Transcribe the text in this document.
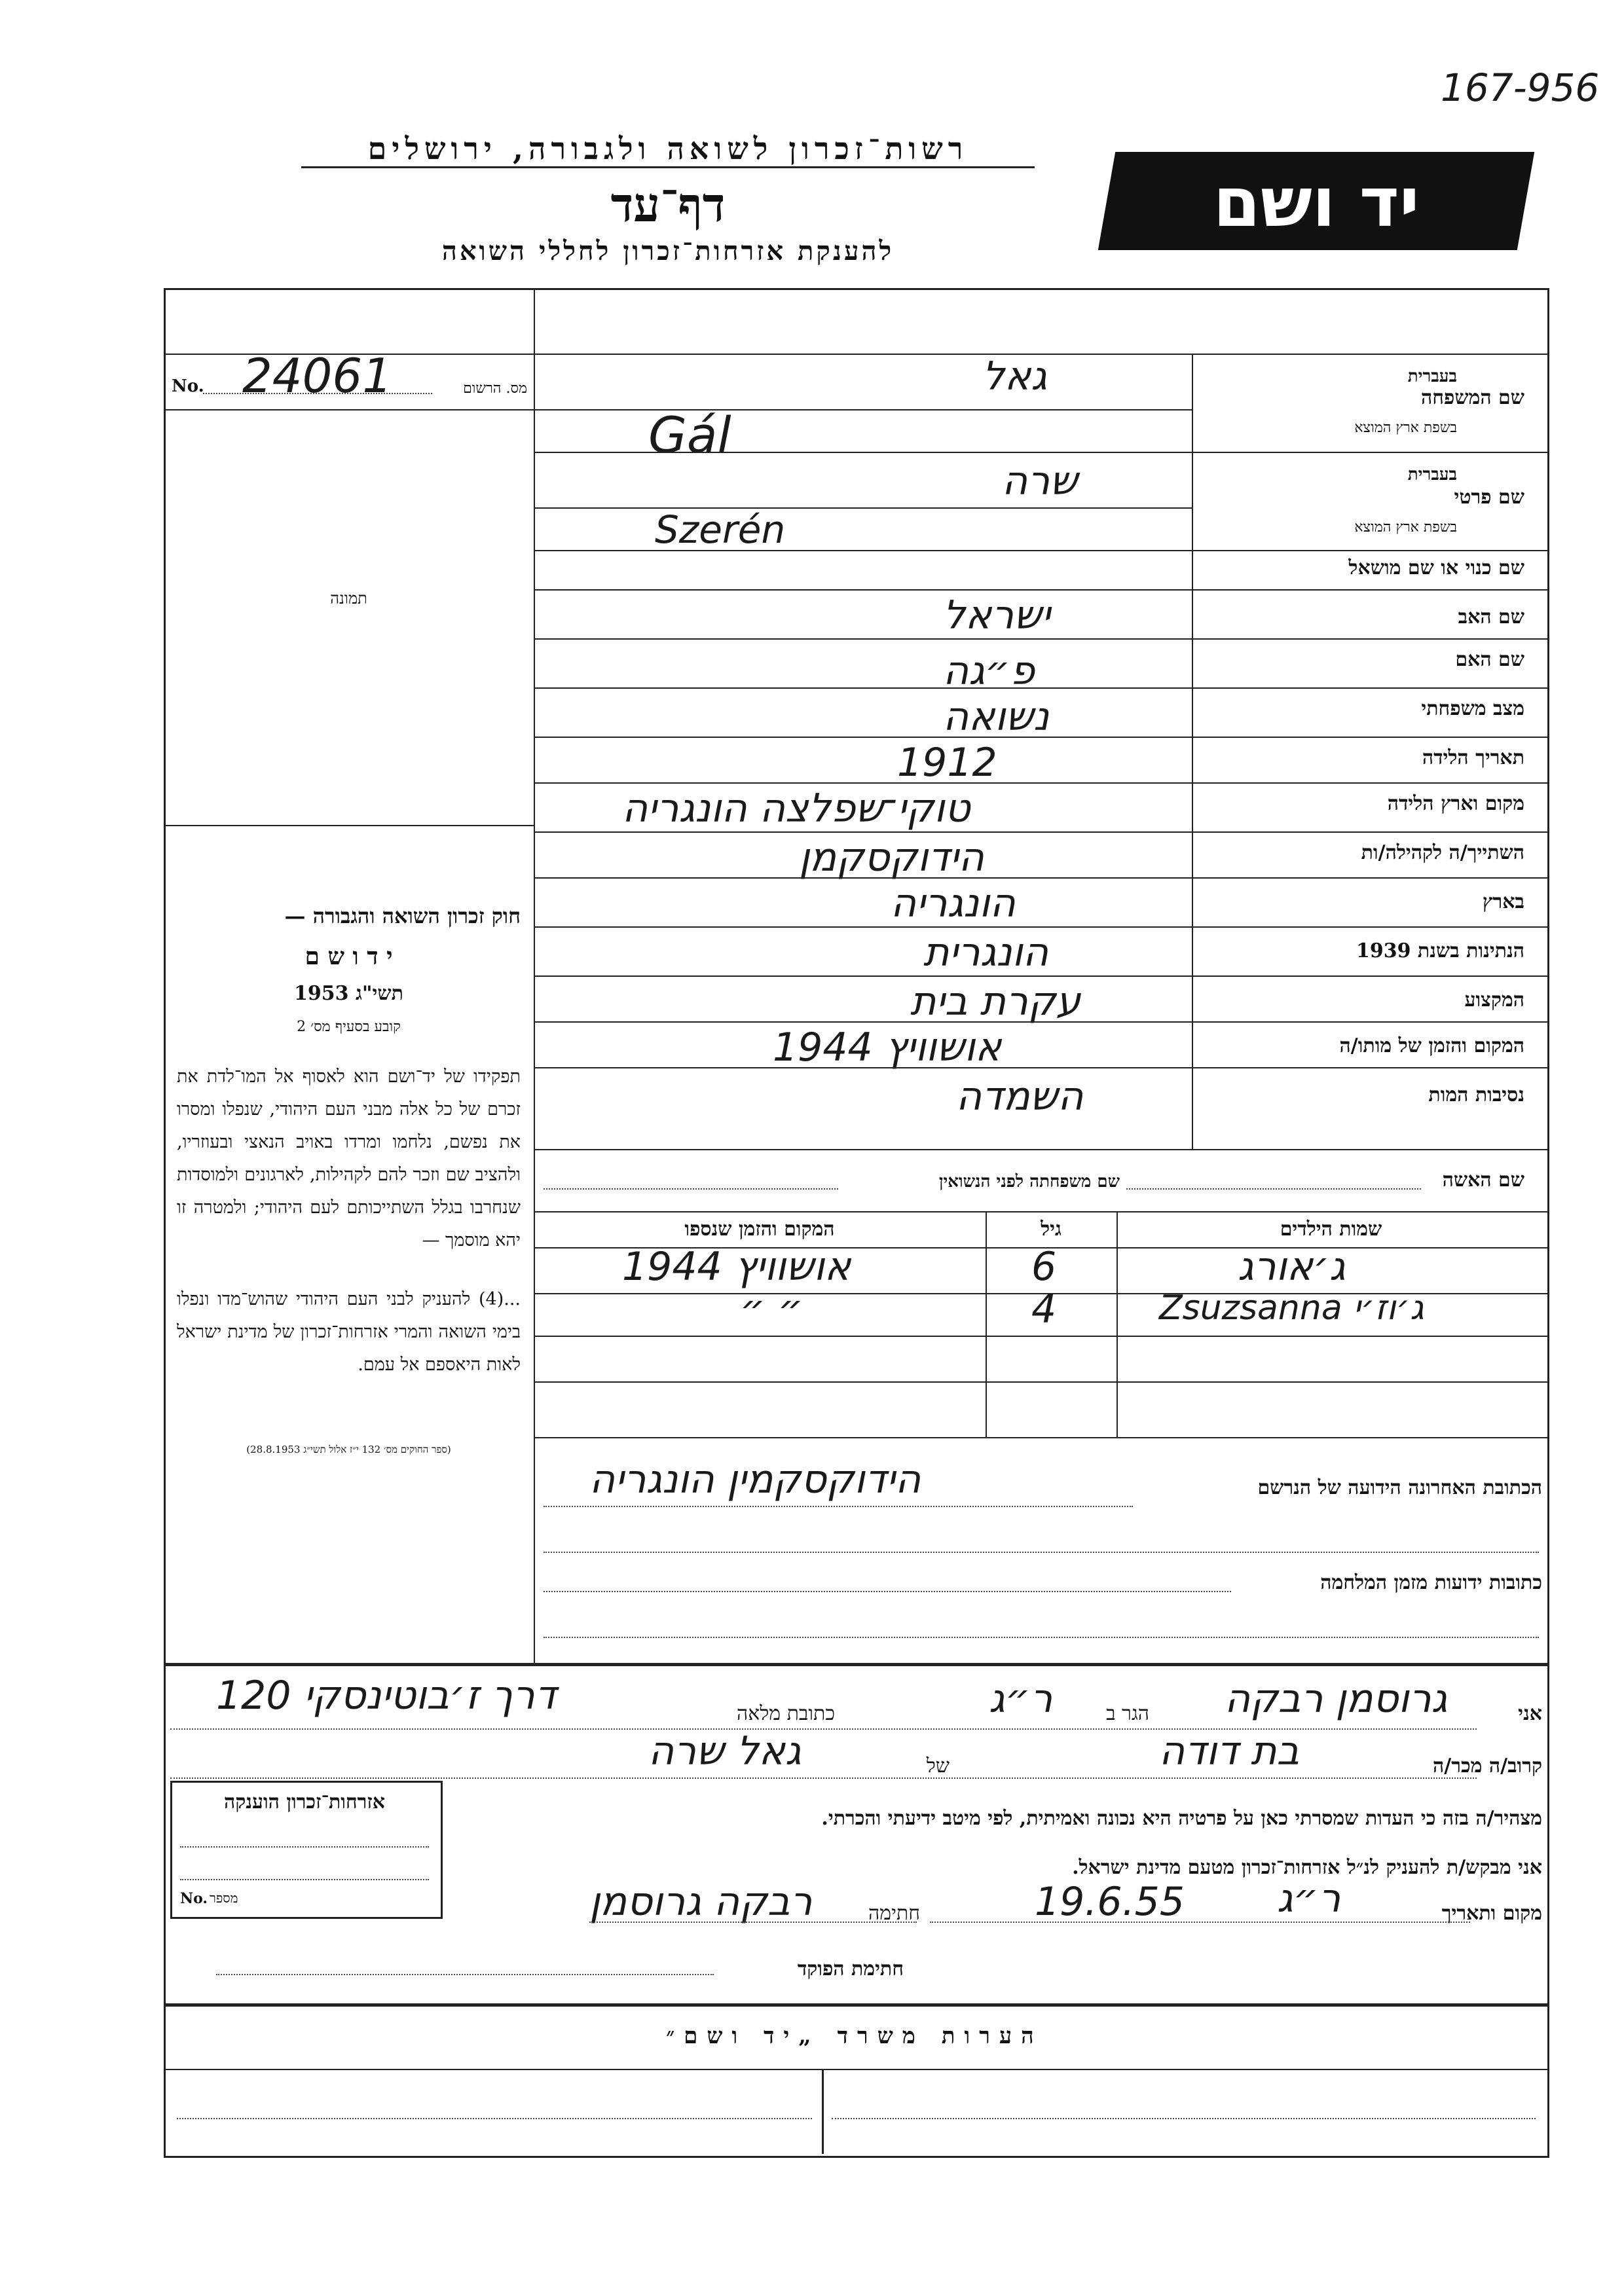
167-956
רשות־זכרון לשואה ולגבורה, ירושלים
דף־עד
להענקת אזרחות־זכרון לחללי השואה
יד ושם
No. 24061	מס. הרשום
תמונה
חוק זכרון השואה והגבורה —
י ד ו ש ם
תשי"ג 1953
קובע בסעיף מס׳ 2
תפקידו של יד־ושם הוא לאסוף אל המו־לדת את זכרם של כל אלה מבני העם היהודי, שנפלו ומסרו את נפשם, נלחמו ומרדו באויב הנאצי ובעוזריו, ולהציב שם וזכר להם לקהילות, לארגונים ולמוסדות שנחרבו בגלל השתייכותם לעם היהודי; ולמטרה זו יהא מוסמך —
...(4) להעניק לבני העם היהודי שהוש־מדו ונפלו בימי השואה והמרי אזרחות־זכרון של מדינת ישראל לאות היאספם אל עמם.
(ספר החוקים מס׳ 132 י״ז אלול תשי״ג 28.8.1953)
שם המשפחה
בעברית
בשפת ארץ המוצא
גאל
Gál
שם פרטי
בעברית
בשפת ארץ המוצא
שרה
Szerén
שם כנוי או שם מושאל
שם האב
ישראל
שם האם
פ״גה
מצב משפחתי
נשואה
תאריך הלידה
1912
מקום וארץ הלידה
טוקי־שפלצה הונגריה
השתייך/ה לקהילה/ות
הידוקסקמן
בארץ
הונגריה
הנתינות בשנת 1939
הונגרית
המקצוע
עקרת בית
המקום והזמן של מותו/ה
אושוויץ 1944
נסיבות המות
השמדה
שם האשה
שם משפחתה לפני הנשואין
שמות הילדים
גיל
המקום והזמן שנספו
ג׳אורג
6
אושוויץ 1944
ג׳וז׳י Zsuzsanna
4
״ ״
הכתובת האחרונה הידועה של הנרשם
הידוקסקמין הונגריה
כתובות ידועות מזמן המלחמה
אני
גרוסמן רבקה
הגר ב
ר״ג
כתובת מלאה
דרך ז׳בוטינסקי 120
קרוב/ה מכר/ה
בת דודה
של
גאל שרה
מצהיר/ה בזה כי העדות שמסרתי כאן על פרטיה היא נכונה ואמיתית, לפי מיטב ידיעתי והכרתי.
אני מבקש/ת להעניק לנ״ל אזרחות־זכרון מטעם מדינת ישראל.
מקום ותאריך
ר״ג
19.6.55
חתימה
רבקה גרוסמן
חתימת הפוקד
אזרחות־זכרון הוענקה
No. מספר
הערות משרד „יד ושם״
